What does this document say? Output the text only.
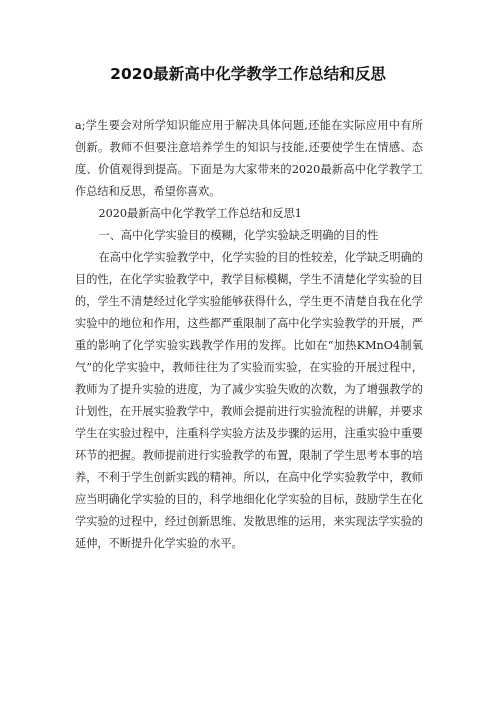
2020最新高中化学教学工作总结和反思

a;学生要会对所学知识能应用于解决具体问题,还能在实际应用中有所创新。教师不但要注意培养学生的知识与技能,还要使学生在情感、态度、价值观得到提高。下面是为大家带来的2020最新高中化学教学工作总结和反思，希望你喜欢。

2020最新高中化学教学工作总结和反思1

一、高中化学实验目的模糊，化学实验缺乏明确的目的性

在高中化学实验教学中，化学实验的目的性较差，化学缺乏明确的目的性，在化学实验教学中，教学目标模糊，学生不清楚化学实验的目的，学生不清楚经过化学实验能够获得什么，学生更不清楚自我在化学实验中的地位和作用，这些都严重限制了高中化学实验教学的开展，严重的影响了化学实验实践教学作用的发挥。比如在“加热KMnO4制氧气”的化学实验中，教师往往为了实验而实验，在实验的开展过程中，教师为了提升实验的进度，为了减少实验失败的次数，为了增强教学的计划性，在开展实验教学中，教师会提前进行实验流程的讲解，并要求学生在实验过程中，注重科学实验方法及步骤的运用，注重实验中重要环节的把握。教师提前进行实验教学的布置，限制了学生思考本事的培养，不利于学生创新实践的精神。所以，在高中化学实验教学中，教师应当明确化学实验的目的，科学地细化化学实验的目标，鼓励学生在化学实验的过程中，经过创新思维、发散思维的运用，来实现法学实验的延伸，不断提升化学实验的水平。
